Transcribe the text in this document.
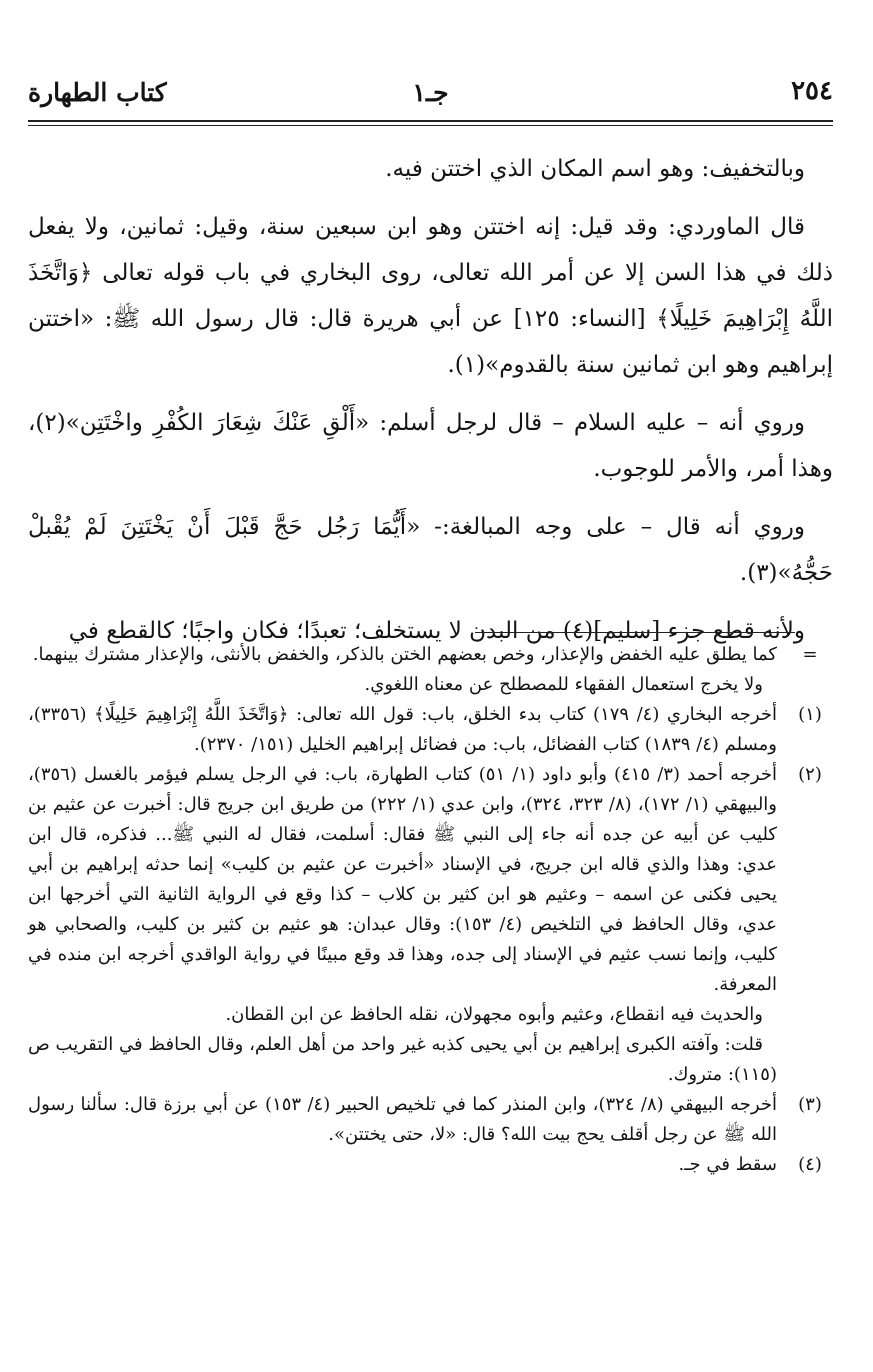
٢٥٤
جـ١
كتاب الطهارة

وبالتخفيف: وهو اسم المكان الذي اختتن فيه.

قال الماوردي: وقد قيل: إنه اختتن وهو ابن سبعين سنة، وقيل: ثمانين، ولا يفعل ذلك في هذا السن إلا عن أمر الله تعالى، روى البخاري في باب قوله تعالى ﴿وَاتَّخَذَ اللَّهُ إِبْرَاهِيمَ خَلِيلًا﴾ [النساء: ١٢٥] عن أبي هريرة قال: قال رسول الله ﷺ: «اختتن إبراهيم وهو ابن ثمانين سنة بالقدوم»(١).

وروي أنه – عليه السلام – قال لرجل أسلم: «أَلْقِ عَنْكَ شِعَارَ الكُفْرِ واخْتَتِن»(٢)، وهذا أمر، والأمر للوجوب.

وروي أنه قال – على وجه المبالغة:- «أَيُّمَا رَجُل حَجَّ قَبْلَ أَنْ يَخْتَتِنَ لَمْ يُقْبلْ حَجُّهُ»(٣).

ولأنه قطع جزء [سليم](٤) من البدن لا يستخلف؛ تعبدًا؛ فكان واجبًا؛ كالقطع في

=

كما يطلق عليه الخفض والإعذار، وخص بعضهم الختن بالذكر، والخفض بالأنثى، والإعذار مشترك بينهما.

ولا يخرج استعمال الفقهاء للمصطلح عن معناه اللغوي.

(١)

أخرجه البخاري (٤/ ١٧٩) كتاب بدء الخلق، باب: قول الله تعالى: ﴿وَاتَّخَذَ اللَّهُ إِبْرَاهِيمَ خَلِيلًا﴾ (٣٣٥٦)، ومسلم (٤/ ١٨٣٩) كتاب الفضائل، باب: من فضائل إبراهيم الخليل (١٥١/ ٢٣٧٠).

(٢)

أخرجه أحمد (٣/ ٤١٥) وأبو داود (١/ ٥١) كتاب الطهارة، باب: في الرجل يسلم فيؤمر بالغسل (٣٥٦)، والبيهقي (١/ ١٧٢)، (٨/ ٣٢٣، ٣٢٤)، وابن عدي (١/ ٢٢٢) من طريق ابن جريج قال: أخبرت عن عثيم بن كليب عن أبيه عن جده أنه جاء إلى النبي ﷺ فقال: أسلمت، فقال له النبي ﷺ... فذكره، قال ابن عدي: وهذا والذي قاله ابن جريج، في الإسناد «أخبرت عن عثيم بن كليب» إنما حدثه إبراهيم بن أبي يحيى فكنى عن اسمه – وعثيم هو ابن كثير بن كلاب – كذا وقع في الرواية الثانية التي أخرجها ابن عدي، وقال الحافظ في التلخيص (٤/ ١٥٣): وقال عبدان: هو عثيم بن كثير بن كليب، والصحابي هو كليب، وإنما نسب عثيم في الإسناد إلى جده، وهذا قد وقع مبينًا في رواية الواقدي أخرجه ابن منده في المعرفة.

والحديث فيه انقطاع، وعثيم وأبوه مجهولان، نقله الحافظ عن ابن القطان.

قلت: وآفته الكبرى إبراهيم بن أبي يحيى كذبه غير واحد من أهل العلم، وقال الحافظ في التقريب ص (١١٥): متروك.

(٣)

أخرجه البيهقي (٨/ ٣٢٤)، وابن المنذر كما في تلخيص الحبير (٤/ ١٥٣) عن أبي برزة قال: سألنا رسول الله ﷺ عن رجل أقلف يحج بيت الله؟ قال: «لا، حتى يختتن».

(٤)

سقط في جـ.
